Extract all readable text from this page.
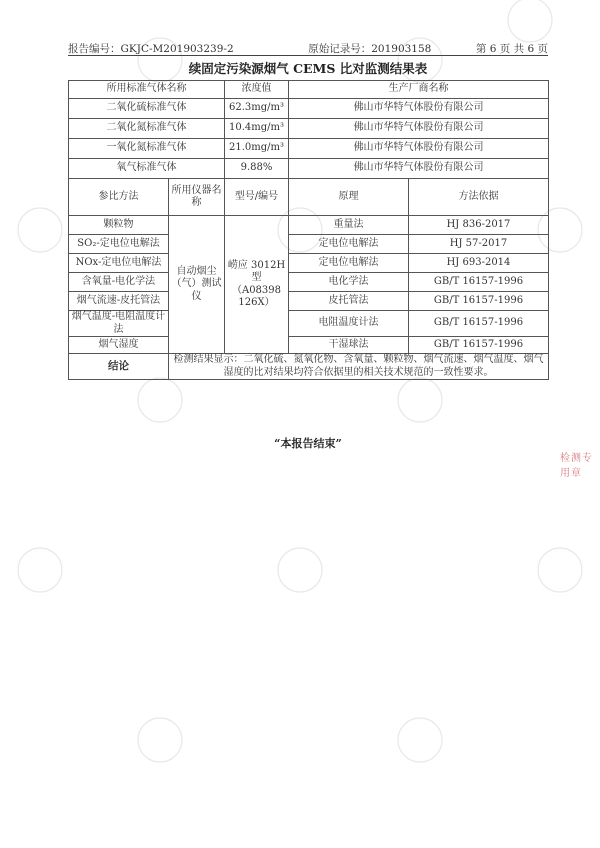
报告编号：GKJC-M201903239-2	原始记录号：201903158	第 6 页 共 6 页
续固定污染源烟气 CEMS 比对监测结果表
所用标准气体名称		浓度值	生产厂商名称	
二氧化硫标准气体		62.3mg/m³	佛山市华特气体股份有限公司	
二氧化氮标准气体		10.4mg/m³	佛山市华特气体股份有限公司	
一氧化氮标准气体		21.0mg/m³	佛山市华特气体股份有限公司	
氧气标准气体		9.88%	佛山市华特气体股份有限公司	
参比方法	所用仪器名称	型号/编号	原理	方法依据
颗粒物	自动烟尘（气）测试仪	崂应 3012H 型（A08398 126X）	重量法	HJ 836-2017
SO₂-定电位电解法			定电位电解法	HJ 57-2017
NOx-定电位电解法			定电位电解法	HJ 693-2014
含氧量-电化学法			电化学法	GB/T 16157-1996
烟气流速-皮托管法			皮托管法	GB/T 16157-1996
烟气温度-电阻温度计法			电阻温度计法	GB/T 16157-1996
烟气湿度			干湿球法	GB/T 16157-1996
结论	检测结果显示：二氧化硫、氮氧化物、含氧量、颗粒物、烟气流速、烟气温度、烟气湿度的比对结果均符合依据里的相关技术规范的一致性要求。			
“本报告结束”
检测专用章
